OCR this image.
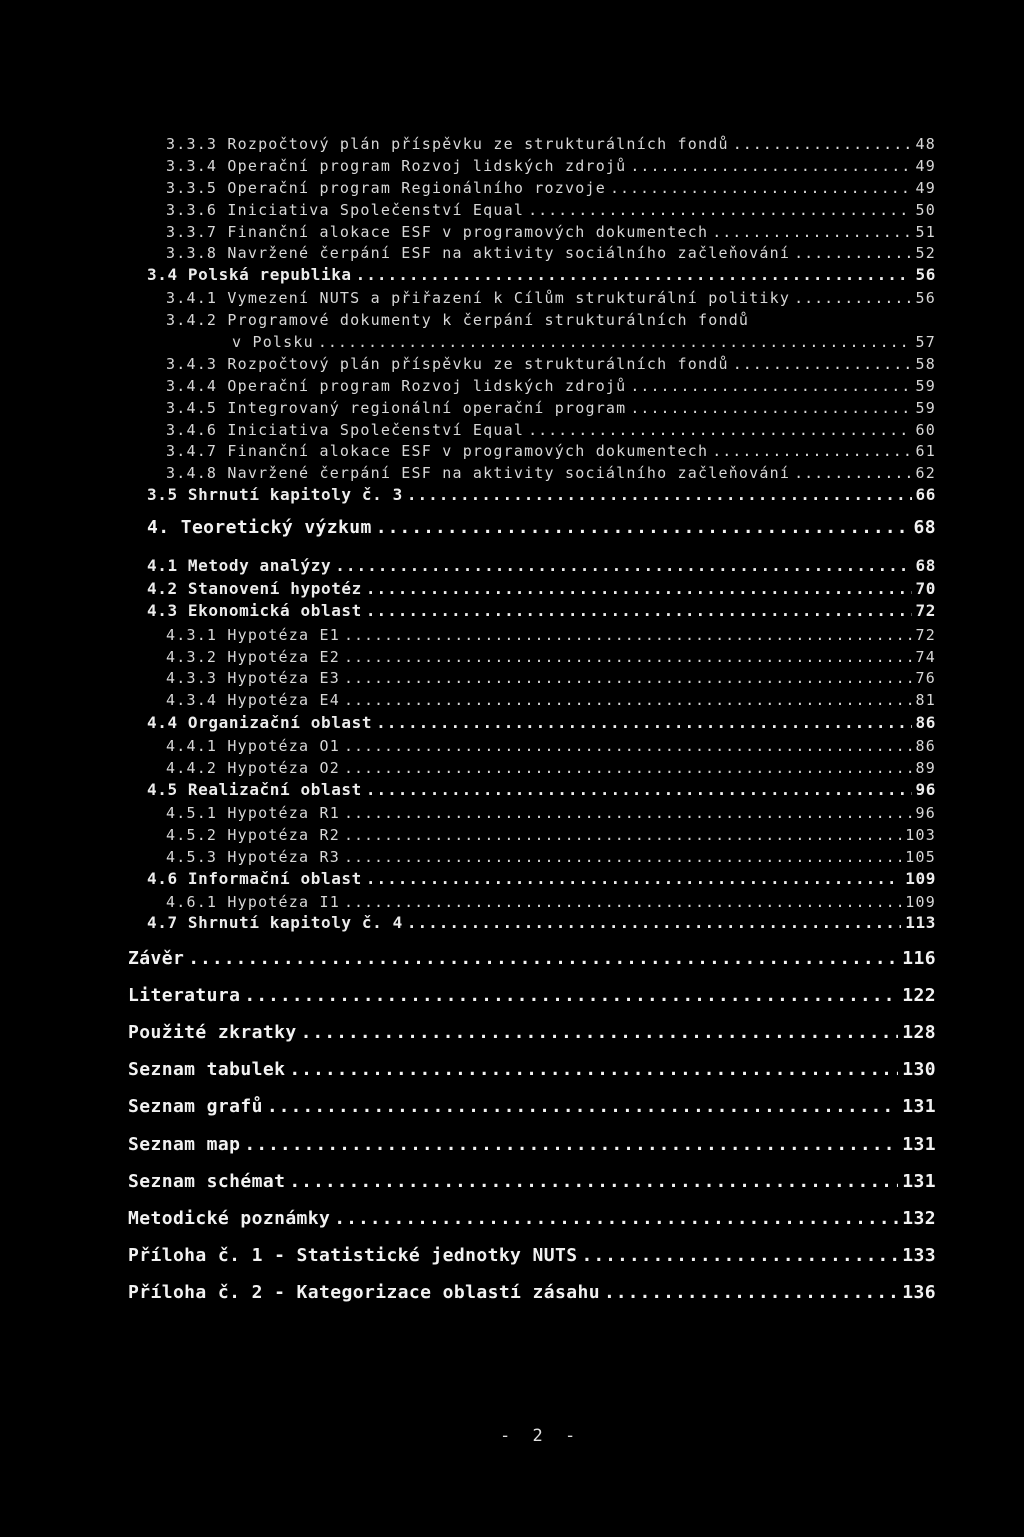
3.3.3 Rozpočtový plán příspěvku ze strukturálních fondů .....	48
3.3.4 Operační program Rozvoj lidských zdrojů .....	49
3.3.5 Operační program Regionálního rozvoje .....	49
3.3.6 Iniciativa Společenství Equal .....	50
3.3.7 Finanční alokace ESF v programových dokumentech .....	51
3.3.8 Navržené čerpání ESF na aktivity sociálního začleňování .....	52
3.4 Polská republika .....	56
3.4.1 Vymezení NUTS a přiřazení k Cílům strukturální politiky .....	56
3.4.2 Programové dokumenty k čerpání strukturálních fondů
v Polsku .....	57
3.4.3 Rozpočtový plán příspěvku ze strukturálních fondů .....	58
3.4.4 Operační program Rozvoj lidských zdrojů .....	59
3.4.5 Integrovaný regionální operační program .....	59
3.4.6 Iniciativa Společenství Equal .....	60
3.4.7 Finanční alokace ESF v programových dokumentech .....	61
3.4.8 Navržené čerpání ESF na aktivity sociálního začleňování .....	62
3.5 Shrnutí kapitoly č. 3 .....	66
4. Teoretický výzkum .....	68
4.1 Metody analýzy .....	68
4.2 Stanovení hypotéz .....	70
4.3 Ekonomická oblast .....	72
4.3.1 Hypotéza E1 .....	72
4.3.2 Hypotéza E2 .....	74
4.3.3 Hypotéza E3 .....	76
4.3.4 Hypotéza E4 .....	81
4.4 Organizační oblast .....	86
4.4.1 Hypotéza O1 .....	86
4.4.2 Hypotéza O2 .....	89
4.5 Realizační oblast .....	96
4.5.1 Hypotéza R1 .....	96
4.5.2 Hypotéza R2 .....	103
4.5.3 Hypotéza R3 .....	105
4.6 Informační oblast .....	109
4.6.1 Hypotéza I1 .....	109
4.7 Shrnutí kapitoly č. 4 .....	113
Závěr .....	116
Literatura .....	122
Použité zkratky .....	128
Seznam tabulek .....	130
Seznam grafů .....	131
Seznam map .....	131
Seznam schémat .....	131
Metodické poznámky .....	132
Příloha č. 1 - Statistické jednotky NUTS .....	133
Příloha č. 2 - Kategorizace oblastí zásahu .....	136
- 2 -
